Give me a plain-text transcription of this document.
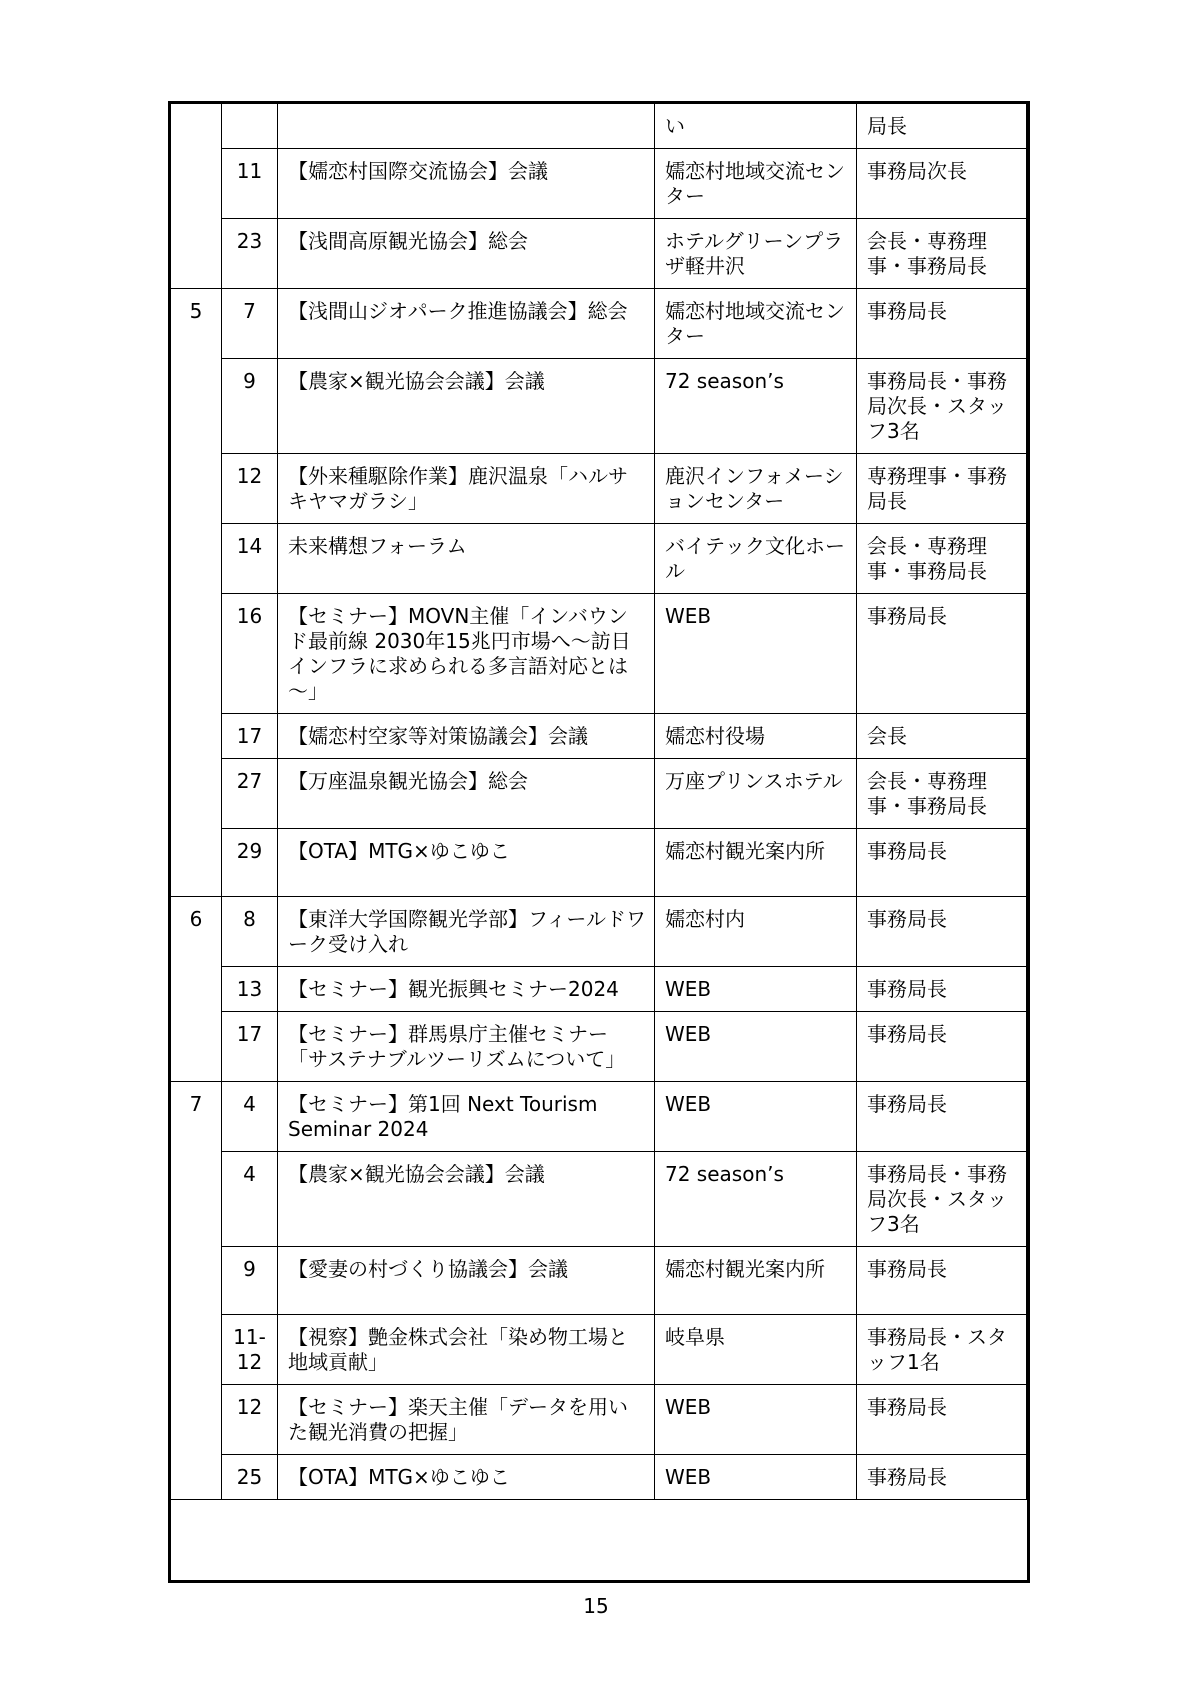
			い	局長
	11	【嬬恋村国際交流協会】会議	嬬恋村地域交流センター	事務局次長
	23	【浅間高原観光協会】総会	ホテルグリーンプラザ軽井沢	会長・専務理事・事務局長
5	7	【浅間山ジオパーク推進協議会】総会	嬬恋村地域交流センター	事務局長
	9	【農家×観光協会会議】会議	72 season’s	事務局長・事務局次長・スタッフ3名
	12	【外来種駆除作業】鹿沢温泉「ハルサキヤマガラシ」	鹿沢インフォメーションセンター	専務理事・事務局長
	14	未来構想フォーラム	バイテック文化ホール	会長・専務理事・事務局長
	16	【セミナー】MOVN主催「インバウンド最前線 2030年15兆円市場へ～訪日インフラに求められる多言語対応とは～」	WEB	事務局長
	17	【嬬恋村空家等対策協議会】会議	嬬恋村役場	会長
	27	【万座温泉観光協会】総会	万座プリンスホテル	会長・専務理事・事務局長
	29	【OTA】MTG×ゆこゆこ	嬬恋村観光案内所	事務局長
6	8	【東洋大学国際観光学部】フィールドワーク受け入れ	嬬恋村内	事務局長
	13	【セミナー】観光振興セミナー2024	WEB	事務局長
	17	【セミナー】群馬県庁主催セミナー「サステナブルツーリズムについて」	WEB	事務局長
7	4	【セミナー】第1回 Next Tourism Seminar 2024	WEB	事務局長
	4	【農家×観光協会会議】会議	72 season’s	事務局長・事務局次長・スタッフ3名
	9	【愛妻の村づくり協議会】会議	嬬恋村観光案内所	事務局長
	11-12	【視察】艶金株式会社「染め物工場と地域貢献」	岐阜県	事務局長・スタッフ1名
	12	【セミナー】楽天主催「データを用いた観光消費の把握」	WEB	事務局長
	25	【OTA】MTG×ゆこゆこ	WEB	事務局長
15
